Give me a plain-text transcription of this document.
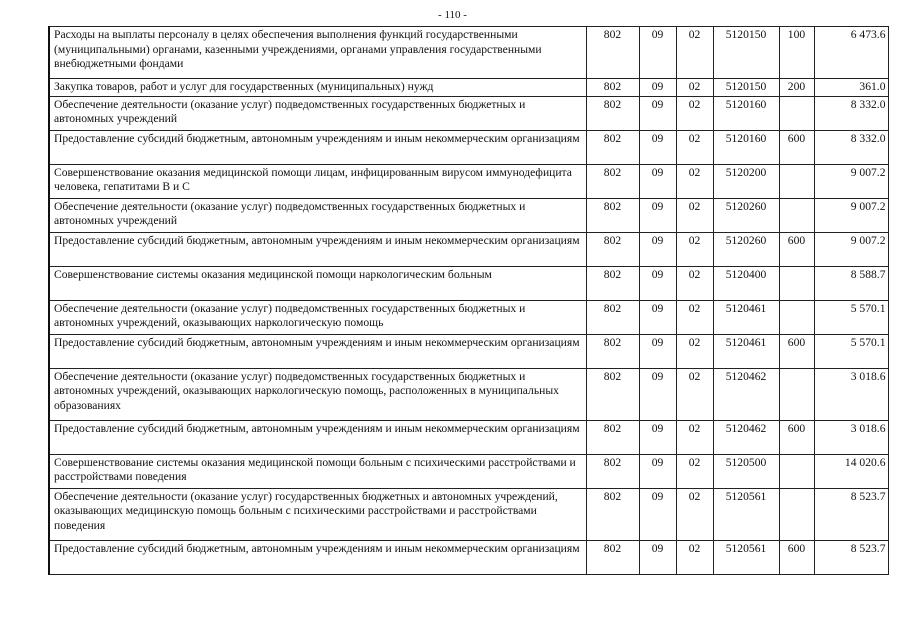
- 110 -
Расходы на выплаты персоналу в целях обеспечения выполнения функций государственными (муниципальными) органами, казенными учреждениями, органами управления государственными внебюджетными фондами	802	09	02	5120150	100	6 473.6
Закупка товаров, работ и услуг для государственных (муниципальных) нужд	802	09	02	5120150	200	361.0
Обеспечение деятельности (оказание услуг) подведомственных государственных бюджетных и автономных учреждений	802	09	02	5120160		8 332.0
Предоставление субсидий бюджетным, автономным учреждениям и иным некоммерческим организациям	802	09	02	5120160	600	8 332.0
Совершенствование оказания медицинской помощи лицам, инфицированным вирусом иммунодефицита человека, гепатитами В и С	802	09	02	5120200		9 007.2
Обеспечение деятельности (оказание услуг) подведомственных государственных бюджетных и автономных учреждений	802	09	02	5120260		9 007.2
Предоставление субсидий бюджетным, автономным учреждениям и иным некоммерческим организациям	802	09	02	5120260	600	9 007.2
Совершенствование системы оказания медицинской помощи наркологическим больным	802	09	02	5120400		8 588.7
Обеспечение деятельности (оказание услуг) подведомственных государственных бюджетных и автономных учреждений, оказывающих наркологическую помощь	802	09	02	5120461		5 570.1
Предоставление субсидий бюджетным, автономным учреждениям и иным некоммерческим организациям	802	09	02	5120461	600	5 570.1
Обеспечение деятельности (оказание услуг) подведомственных государственных бюджетных и автономных учреждений, оказывающих наркологическую помощь, расположенных в муниципальных образованиях	802	09	02	5120462		3 018.6
Предоставление субсидий бюджетным, автономным учреждениям и иным некоммерческим организациям	802	09	02	5120462	600	3 018.6
Совершенствование системы оказания медицинской помощи больным с психическими расстройствами и расстройствами поведения	802	09	02	5120500		14 020.6
Обеспечение деятельности (оказание услуг) государственных бюджетных и автономных учреждений, оказывающих медицинскую помощь больным с психическими расстройствами и расстройствами поведения	802	09	02	5120561		8 523.7
Предоставление субсидий бюджетным, автономным учреждениям и иным некоммерческим организациям	802	09	02	5120561	600	8 523.7
